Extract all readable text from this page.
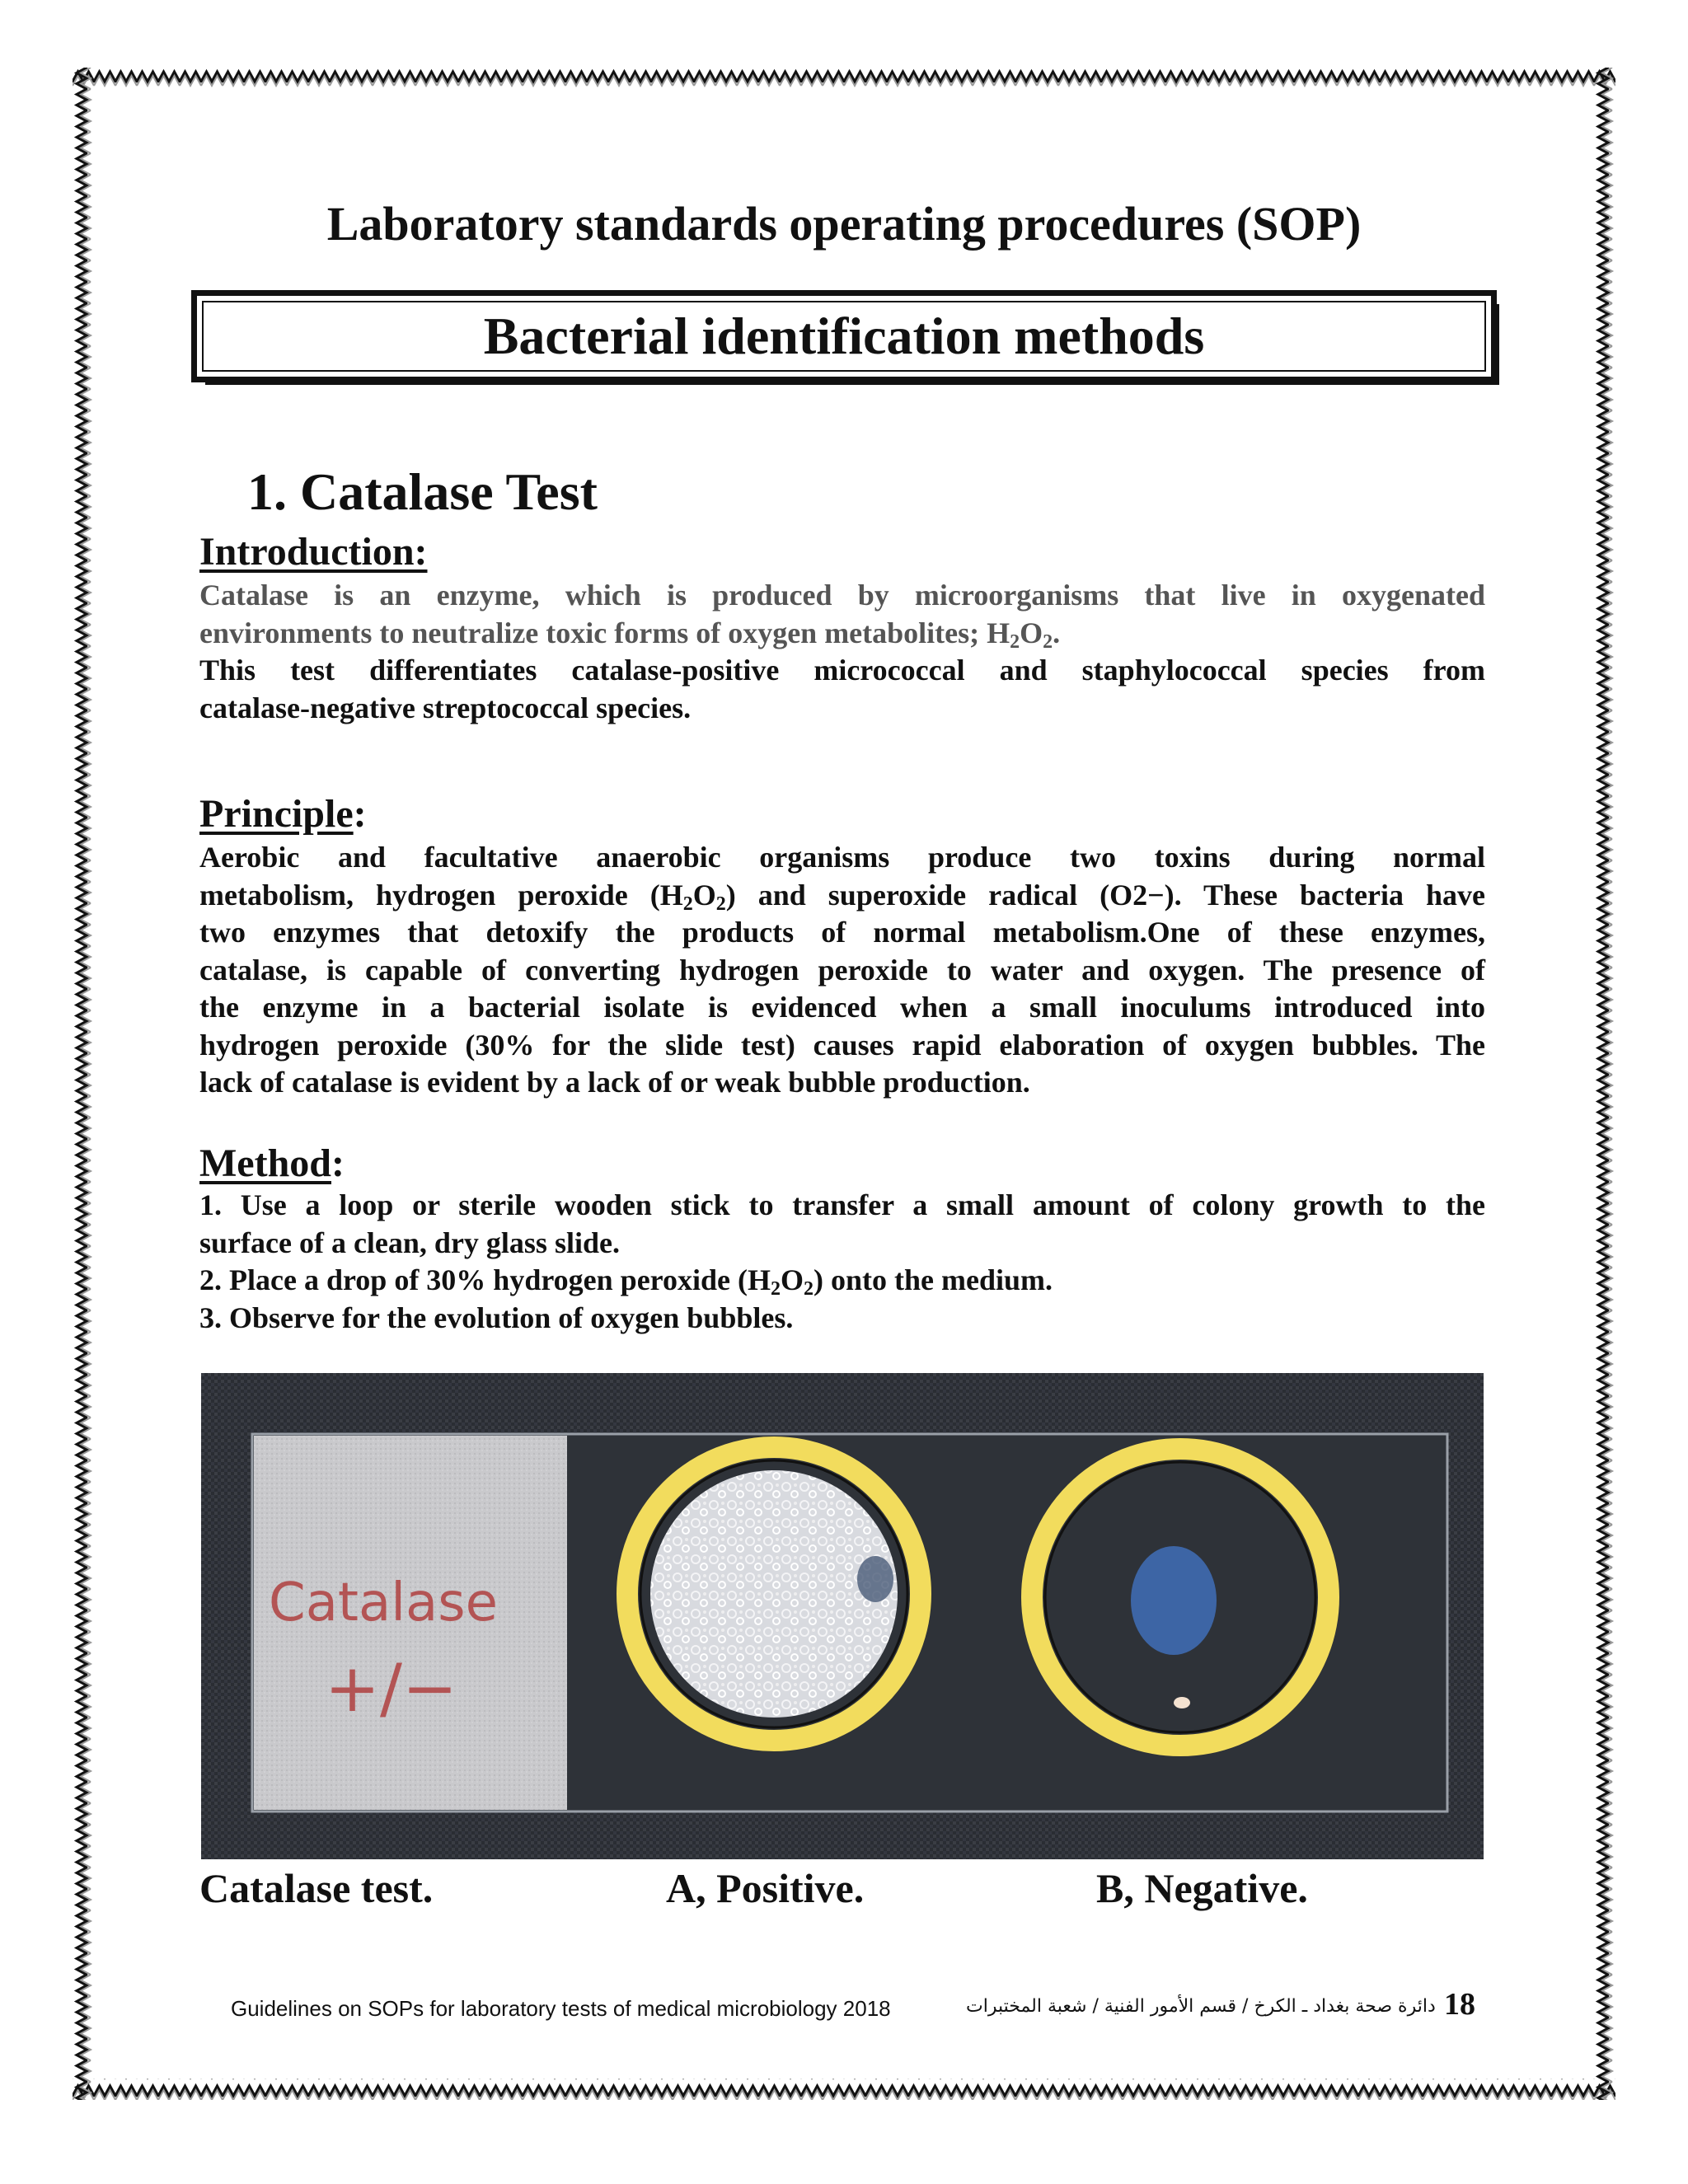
Laboratory standards operating procedures (SOP)
Bacterial identification methods
1. Catalase Test
Introduction:
Catalase is an enzyme, which is produced by microorganisms that live in oxygenated
environments to neutralize toxic forms of oxygen metabolites; $H_2O_2$.
This test differentiates catalase-positive micrococcal and staphylococcal species from
catalase-negative streptococcal species.
Principle:
Aerobic and facultative anaerobic organisms produce two toxins during normal
metabolism, hydrogen peroxide $(H_2O_2)$ and superoxide radical (O2−). These bacteria have
two enzymes that detoxify the products of normal metabolism.One of these enzymes,
catalase, is capable of converting hydrogen peroxide to water and oxygen. The presence of
the enzyme in a bacterial isolate is evidenced when a small inoculums introduced into
hydrogen peroxide (30% for the slide test) causes rapid elaboration of oxygen bubbles. The
lack of catalase is evident by a lack of or weak bubble production.
Method:
1. Use a loop or sterile wooden stick to transfer a small amount of colony growth to the
surface of a clean, dry glass slide.
2. Place a drop of 30% hydrogen peroxide $(H_2O_2)$ onto the medium.
3. Observe for the evolution of oxygen bubbles.
Catalase
+/−
Catalase test.	A, Positive.	B, Negative.
Guidelines on SOPs for laboratory tests of medical microbiology 2018	دائرة صحة بغداد ـ الكرخ / قسم الأمور الفنية / شعبة المختبرات 18
